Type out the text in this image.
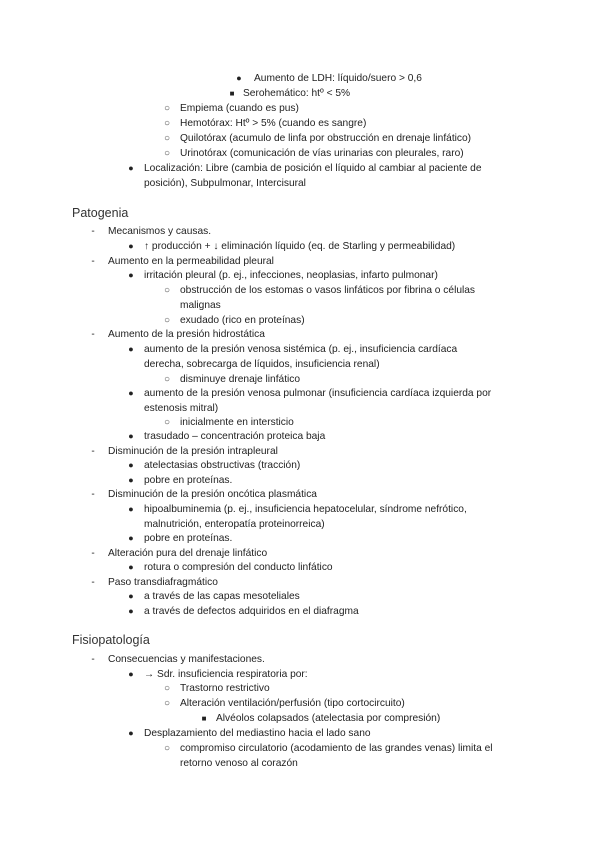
●	Aumento de LDH: líquido/suero > 0,6
■ Serohemático: htº < 5%
○ Empiema (cuando es pus)
○ Hemotórax: Htº > 5% (cuando es sangre)
○ Quilotórax (acumulo de linfa por obstrucción en drenaje linfático)
○ Urinotórax (comunicación de vías urinarias con pleurales, raro)
●	Localización: Libre (cambia de posición el líquido al cambiar al paciente de
posición), Subpulmonar, Intercisural
Patogenia
-	Mecanismos y causas.
●	↑ producción + ↓ eliminación líquido (eq. de Starling y permeabilidad)
-	Aumento en la permeabilidad pleural
●	irritación pleural (p. ej., infecciones, neoplasias, infarto pulmonar)
○ obstrucción de los estomas o vasos linfáticos por fibrina o células
malignas
○ exudado (rico en proteínas)
-	Aumento de la presión hidrostática
●	aumento de la presión venosa sistémica (p. ej., insuficiencia cardíaca
derecha, sobrecarga de líquidos, insuficiencia renal)
○ disminuye drenaje linfático
●	aumento de la presión venosa pulmonar (insuficiencia cardíaca izquierda por
estenosis mitral)
○ inicialmente en intersticio
●	trasudado – concentración proteica baja
-	Disminución de la presión intrapleural
●	atelectasias obstructivas (tracción)
●	pobre en proteínas.
-	Disminución de la presión oncótica plasmática
●	hipoalbuminemia (p. ej., insuficiencia hepatocelular, síndrome nefrótico,
malnutrición, enteropatía proteinorreica)
●	pobre en proteínas.
-	Alteración pura del drenaje linfático
●	rotura o compresión del conducto linfático
-	Paso transdiafragmático
●	a través de las capas mesoteliales
●	a través de defectos adquiridos en el diafragma
Fisiopatología
-	Consecuencias y manifestaciones.
●	→ Sdr. insuficiencia respiratoria por:
○ Trastorno restrictivo
○ Alteración ventilación/perfusión (tipo cortocircuito)
■ Alvéolos colapsados (atelectasia por compresión)
●	Desplazamiento del mediastino hacia el lado sano
○ compromiso circulatorio (acodamiento de las grandes venas) limita el
retorno venoso al corazón
